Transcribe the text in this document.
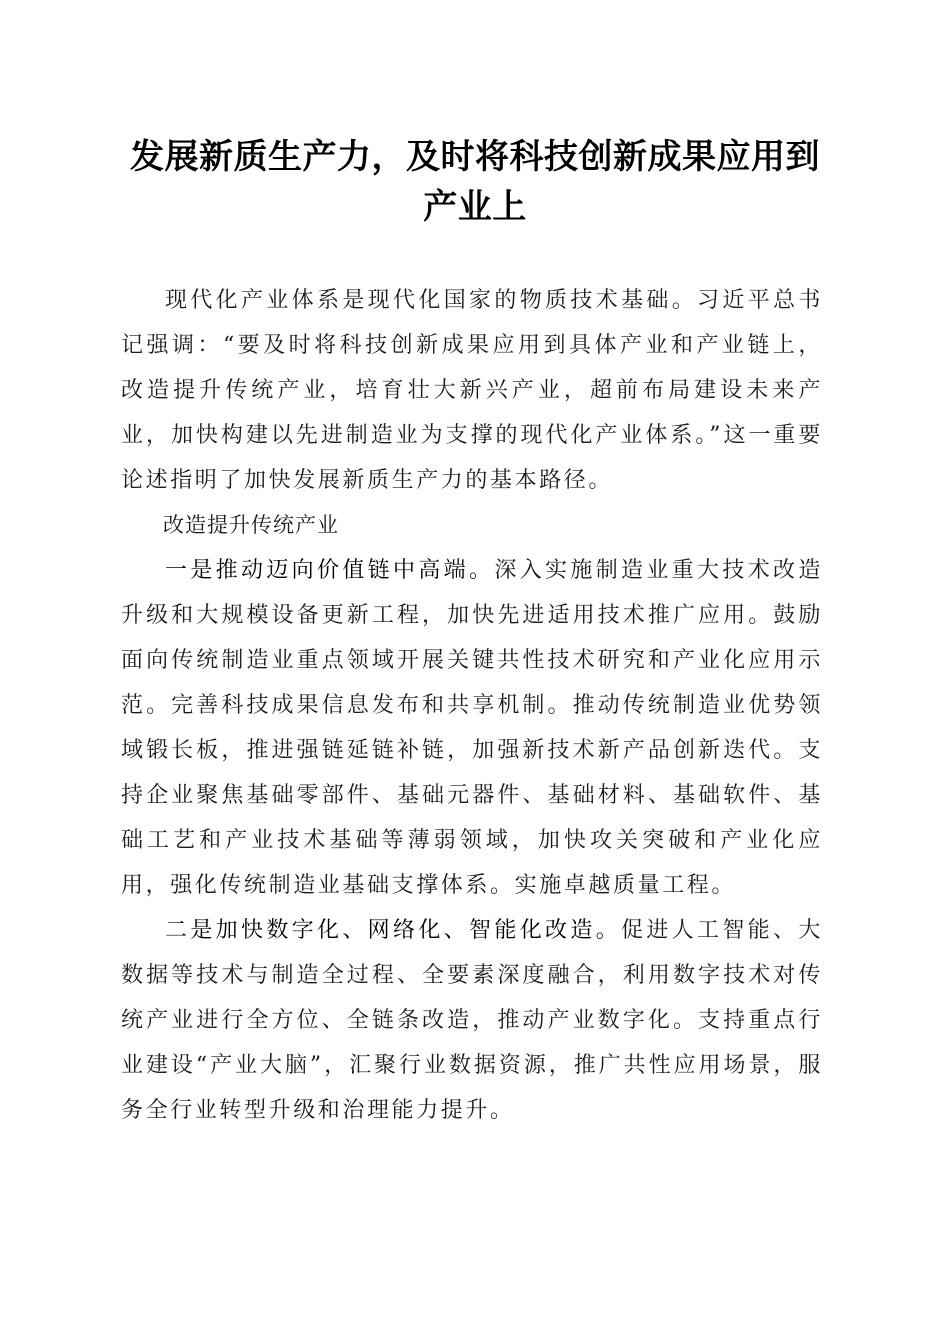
发展新质生产力，及时将科技创新成果应用到
产业上

现代化产业体系是现代化国家的物质技术基础。习近平总书记强调：“要及时将科技创新成果应用到具体产业和产业链上，改造提升传统产业，培育壮大新兴产业，超前布局建设未来产业，加快构建以先进制造业为支撑的现代化产业体系。”这一重要论述指明了加快发展新质生产力的基本路径。

改造提升传统产业

一是推动迈向价值链中高端。深入实施制造业重大技术改造升级和大规模设备更新工程，加快先进适用技术推广应用。鼓励面向传统制造业重点领域开展关键共性技术研究和产业化应用示范。完善科技成果信息发布和共享机制。推动传统制造业优势领域锻长板，推进强链延链补链，加强新技术新产品创新迭代。支持企业聚焦基础零部件、基础元器件、基础材料、基础软件、基础工艺和产业技术基础等薄弱领域，加快攻关突破和产业化应用，强化传统制造业基础支撑体系。实施卓越质量工程。

二是加快数字化、网络化、智能化改造。促进人工智能、大数据等技术与制造全过程、全要素深度融合，利用数字技术对传统产业进行全方位、全链条改造，推动产业数字化。支持重点行业建设“产业大脑”，汇聚行业数据资源，推广共性应用场景，服务全行业转型升级和治理能力提升。
